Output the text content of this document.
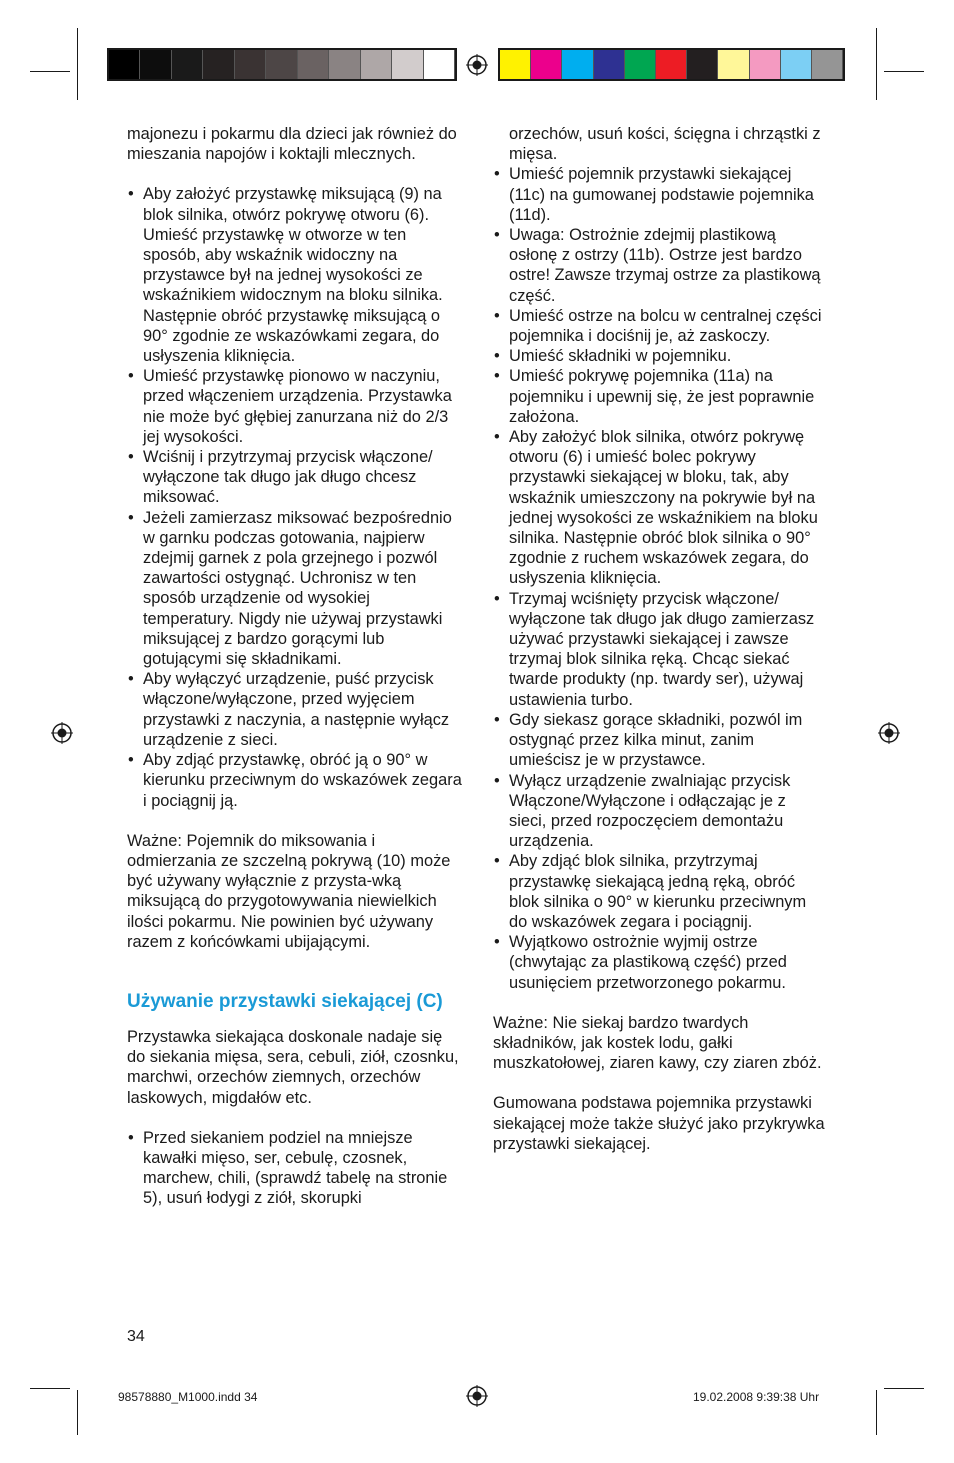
majonezu i pokarmu dla dzieci jak również do mieszania napojów i koktajli mlecznych.

• Aby założyć przystawkę miksującą (9) na blok silnika, otwórz pokrywę otworu (6). Umieść przystawkę w otworze w ten sposób, aby wskaźnik widoczny na przystawce był na jednej wysokości ze wskaźnikiem widocznym na bloku silnika. Następnie obróć przystawkę miksującą o 90° zgodnie ze wskazówkami zegara, do usłyszenia kliknięcia.
• Umieść przystawkę pionowo w naczyniu, przed włączeniem urządzenia. Przystawka nie może być głębiej zanurzana niż do 2/3 jej wysokości.
• Wciśnij i przytrzymaj przycisk włączone/ wyłączone tak długo jak długo chcesz miksować.
• Jeżeli zamierzasz miksować bezpośrednio w garnku podczas gotowania, najpierw zdejmij garnek z pola grzejnego i pozwól zawartości ostygnąć. Uchronisz w ten sposób urządzenie od wysokiej temperatury. Nigdy nie używaj przystawki miksującej z bardzo gorącymi lub gotującymi się składnikami.
• Aby wyłączyć urządzenie, puść przycisk włączone/wyłączone, przed wyjęciem przystawki z naczynia, a następnie wyłącz urządzenie z sieci.
• Aby zdjąć przystawkę, obróć ją o 90° w kierunku przeciwnym do wskazówek zegara i pociągnij ją.

Ważne: Pojemnik do miksowania i odmierzania ze szczelną pokrywą (10) może być używany wyłącznie z przysta-wką miksującą do przygotowywania niewielkich ilości pokarmu. Nie powinien być używany razem z końcówkami ubijającymi.

Używanie przystawki siekającej (C)

Przystawka siekająca doskonale nadaje się do siekania mięsa, sera, cebuli, ziół, czosnku, marchwi, orzechów ziemnych, orzechów laskowych, migdałów etc.

• Przed siekaniem podziel na mniejsze kawałki mięso, ser, cebulę, czosnek, marchew, chili, (sprawdź tabelę na stronie 5), usuń łodygi z ziół, skorupki

orzechów, usuń kości, ścięgna i chrząstki z mięsa.

• Umieść pojemnik przystawki siekającej (11c) na gumowanej podstawie pojemnika (11d).
• Uwaga: Ostrożnie zdejmij plastikową osłonę z ostrzy (11b). Ostrze jest bardzo ostre! Zawsze trzymaj ostrze za plastikową część.
• Umieść ostrze na bolcu w centralnej części pojemnika i dociśnij je, aż zaskoczy.
• Umieść składniki w pojemniku.
• Umieść pokrywę pojemnika (11a) na pojemniku i upewnij się, że jest poprawnie założona.
• Aby założyć blok silnika, otwórz pokrywę otworu (6) i umieść bolec pokrywy przystawki siekającej w bloku, tak, aby wskaźnik umieszczony na pokrywie był na jednej wysokości ze wskaźnikiem na bloku silnika. Następnie obróć blok silnika o 90° zgodnie z ruchem wskazówek zegara, do usłyszenia kliknięcia.
• Trzymaj wciśnięty przycisk włączone/ wyłączone tak długo jak długo zamierzasz używać przystawki siekającej i zawsze trzymaj blok silnika ręką. Chcąc siekać twarde produkty (np. twardy ser), używaj ustawienia turbo.
• Gdy siekasz gorące składniki, pozwól im ostygnąć przez kilka minut, zanim umieścisz je w przystawce.
• Wyłącz urządzenie zwalniając przycisk Włączone/Wyłączone i odłączając je z sieci, przed rozpoczęciem demontażu urządzenia.
• Aby zdjąć blok silnika, przytrzymaj przystawkę siekającą jedną ręką, obróć blok silnika o 90° w kierunku przeciwnym do wskazówek zegara i pociągnij.
• Wyjątkowo ostrożnie wyjmij ostrze (chwytając za plastikową część) przed usunięciem przetworzonego pokarmu.

Ważne: Nie siekaj bardzo twardych składników, jak kostek lodu, gałki muszkatołowej, ziaren kawy, czy ziaren zbóż.

Gumowana podstawa pojemnika przystawki siekającej może także służyć jako przykrywka przystawki siekającej.

34
98578880_M1000.indd 34	19.02.2008 9:39:38 Uhr
